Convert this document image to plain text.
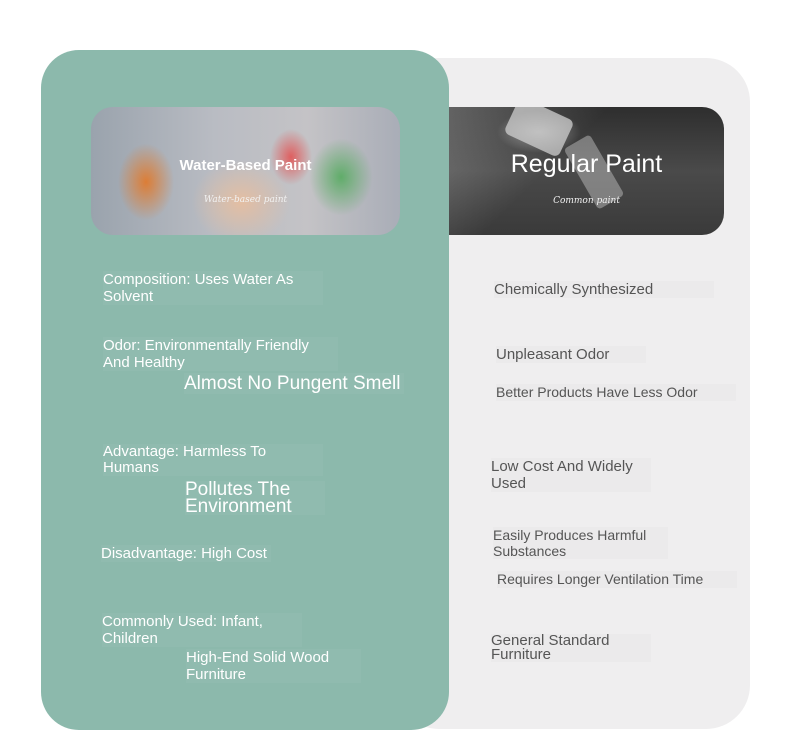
Water-Based Paint
Water-based paint
Regular Paint
Common paint
Composition: Uses Water As Solvent
Odor: Environmentally Friendly And Healthy
Almost No Pungent Smell
Advantage: Harmless To Humans
Pollutes The Environment
Disadvantage: High Cost
Commonly Used: Infant, Children
High-End Solid Wood Furniture
Chemically Synthesized
Unpleasant Odor
Better Products Have Less Odor
Low Cost And Widely Used
Easily Produces Harmful Substances
Requires Longer Ventilation Time
General Standard Furniture
